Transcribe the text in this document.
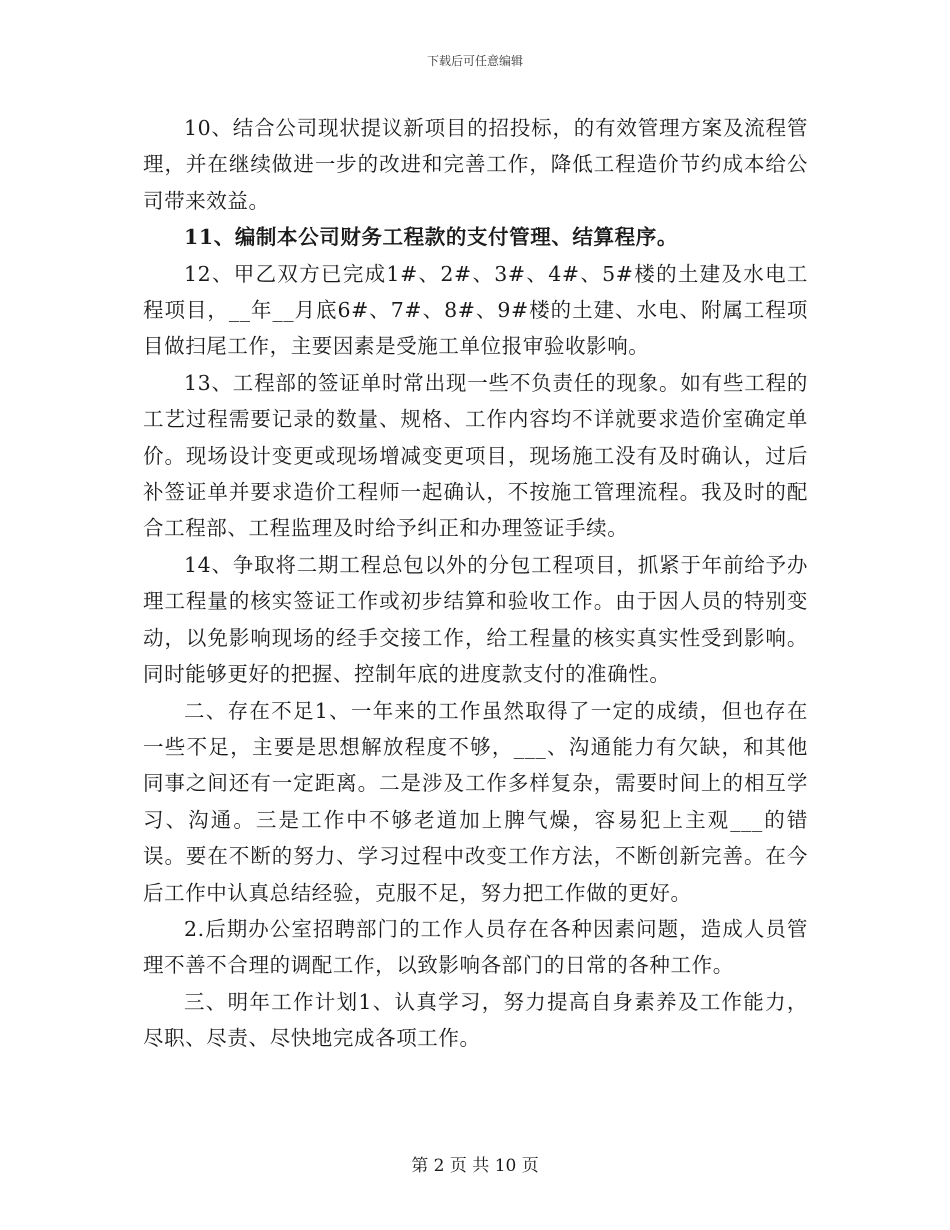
下载后可任意编辑

10、结合公司现状提议新项目的招投标，的有效管理方案及流程管理，并在继续做进一步的改进和完善工作，降低工程造价节约成本给公司带来效益。

11、编制本公司财务工程款的支付管理、结算程序。

12、甲乙双方已完成1#、2#、3#、4#、5#楼的土建及水电工程项目，__年__月底6#、7#、8#、9#楼的土建、水电、附属工程项目做扫尾工作，主要因素是受施工单位报审验收影响。

13、工程部的签证单时常出现一些不负责任的现象。如有些工程的工艺过程需要记录的数量、规格、工作内容均不详就要求造价室确定单价。现场设计变更或现场增减变更项目，现场施工没有及时确认，过后补签证单并要求造价工程师一起确认，不按施工管理流程。我及时的配合工程部、工程监理及时给予纠正和办理签证手续。

14、争取将二期工程总包以外的分包工程项目，抓紧于年前给予办理工程量的核实签证工作或初步结算和验收工作。由于因人员的特别变动，以免影响现场的经手交接工作，给工程量的核实真实性受到影响。同时能够更好的把握、控制年底的进度款支付的准确性。

二、存在不足1、一年来的工作虽然取得了一定的成绩，但也存在一些不足，主要是思想解放程度不够，___、沟通能力有欠缺，和其他同事之间还有一定距离。二是涉及工作多样复杂，需要时间上的相互学习、沟通。三是工作中不够老道加上脾气燥，容易犯上主观___的错误。要在不断的努力、学习过程中改变工作方法，不断创新完善。在今后工作中认真总结经验，克服不足，努力把工作做的更好。

2.后期办公室招聘部门的工作人员存在各种因素问题，造成人员管理不善不合理的调配工作，以致影响各部门的日常的各种工作。

三、明年工作计划1、认真学习，努力提高自身素养及工作能力，尽职、尽责、尽快地完成各项工作。

第 2 页 共 10 页
